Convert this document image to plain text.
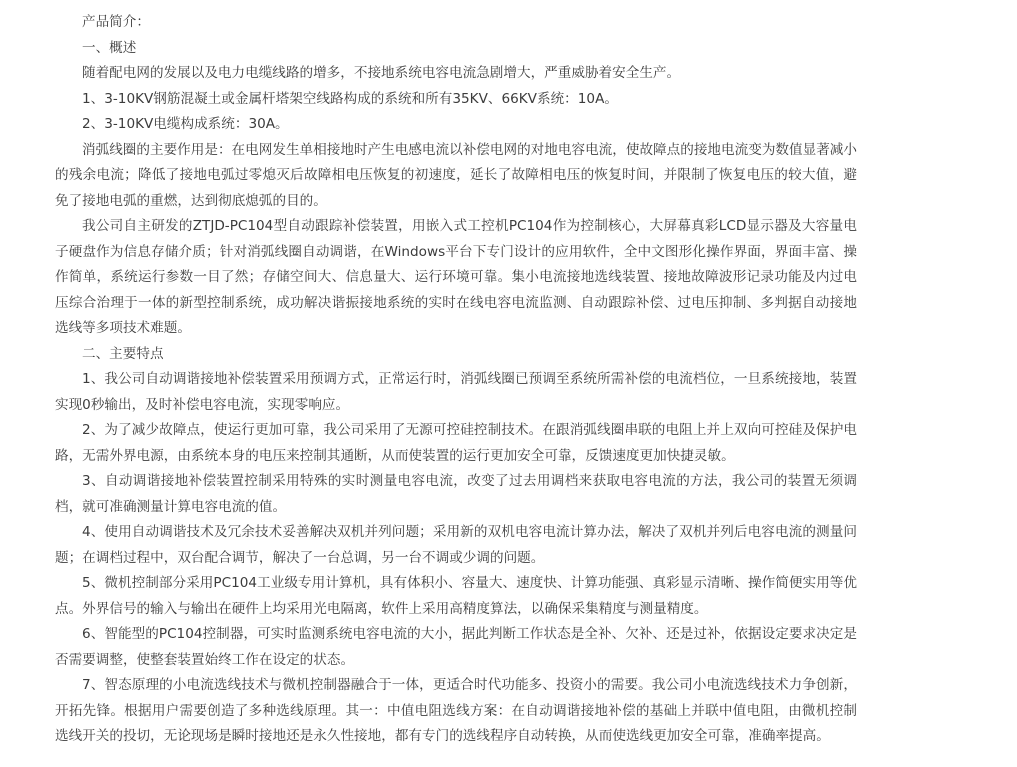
产品简介：

一、概述

随着配电网的发展以及电力电缆线路的增多，不接地系统电容电流急剧增大，严重威胁着安全生产。

1、3-10KV钢筋混凝土或金属杆塔架空线路构成的系统和所有35KV、66KV系统：10A。

2、3-10KV电缆构成系统：30A。

消弧线圈的主要作用是：在电网发生单相接地时产生电感电流以补偿电网的对地电容电流，使故障点的接地电流变为数值显著减小的残余电流；降低了接地电弧过零熄灭后故障相电压恢复的初速度，延长了故障相电压的恢复时间，并限制了恢复电压的较大值，避免了接地电弧的重燃，达到彻底熄弧的目的。

我公司自主研发的ZTJD-PC104型自动跟踪补偿装置，用嵌入式工控机PC104作为控制核心，大屏幕真彩LCD显示器及大容量电子硬盘作为信息存储介质；针对消弧线圈自动调谐，在Windows平台下专门设计的应用软件，全中文图形化操作界面，界面丰富、操作简单，系统运行参数一目了然；存储空间大、信息量大、运行环境可靠。集小电流接地选线装置、接地故障波形记录功能及内过电压综合治理于一体的新型控制系统，成功解决谐振接地系统的实时在线电容电流监测、自动跟踪补偿、过电压抑制、多判据自动接地选线等多项技术难题。

二、主要特点

1、我公司自动调谐接地补偿装置采用预调方式，正常运行时，消弧线圈已预调至系统所需补偿的电流档位，一旦系统接地，装置实现0秒输出，及时补偿电容电流，实现零响应。

2、为了减少故障点，使运行更加可靠，我公司采用了无源可控硅控制技术。在跟消弧线圈串联的电阻上并上双向可控硅及保护电路，无需外界电源，由系统本身的电压来控制其通断，从而使装置的运行更加安全可靠，反馈速度更加快捷灵敏。

3、自动调谐接地补偿装置控制采用特殊的实时测量电容电流，改变了过去用调档来获取电容电流的方法，我公司的装置无须调档，就可准确测量计算电容电流的值。

4、使用自动调谐技术及冗余技术妥善解决双机并列问题；采用新的双机电容电流计算办法，解决了双机并列后电容电流的测量问题；在调档过程中，双台配合调节，解决了一台总调，另一台不调或少调的问题。

5、微机控制部分采用PC104工业级专用计算机，具有体积小、容量大、速度快、计算功能强、真彩显示清晰、操作简便实用等优点。外界信号的输入与输出在硬件上均采用光电隔离，软件上采用高精度算法，以确保采集精度与测量精度。

6、智能型的PC104控制器，可实时监测系统电容电流的大小，据此判断工作状态是全补、欠补、还是过补，依据设定要求决定是否需要调整，使整套装置始终工作在设定的状态。

7、智态原理的小电流选线技术与微机控制器融合于一体，更适合时代功能多、投资小的需要。我公司小电流选线技术力争创新，开拓先锋。根据用户需要创造了多种选线原理。其一：中值电阻选线方案：在自动调谐接地补偿的基础上并联中值电阻，由微机控制选线开关的投切，无论现场是瞬时接地还是永久性接地，都有专门的选线程序自动转换，从而使选线更加安全可靠，准确率提高。
